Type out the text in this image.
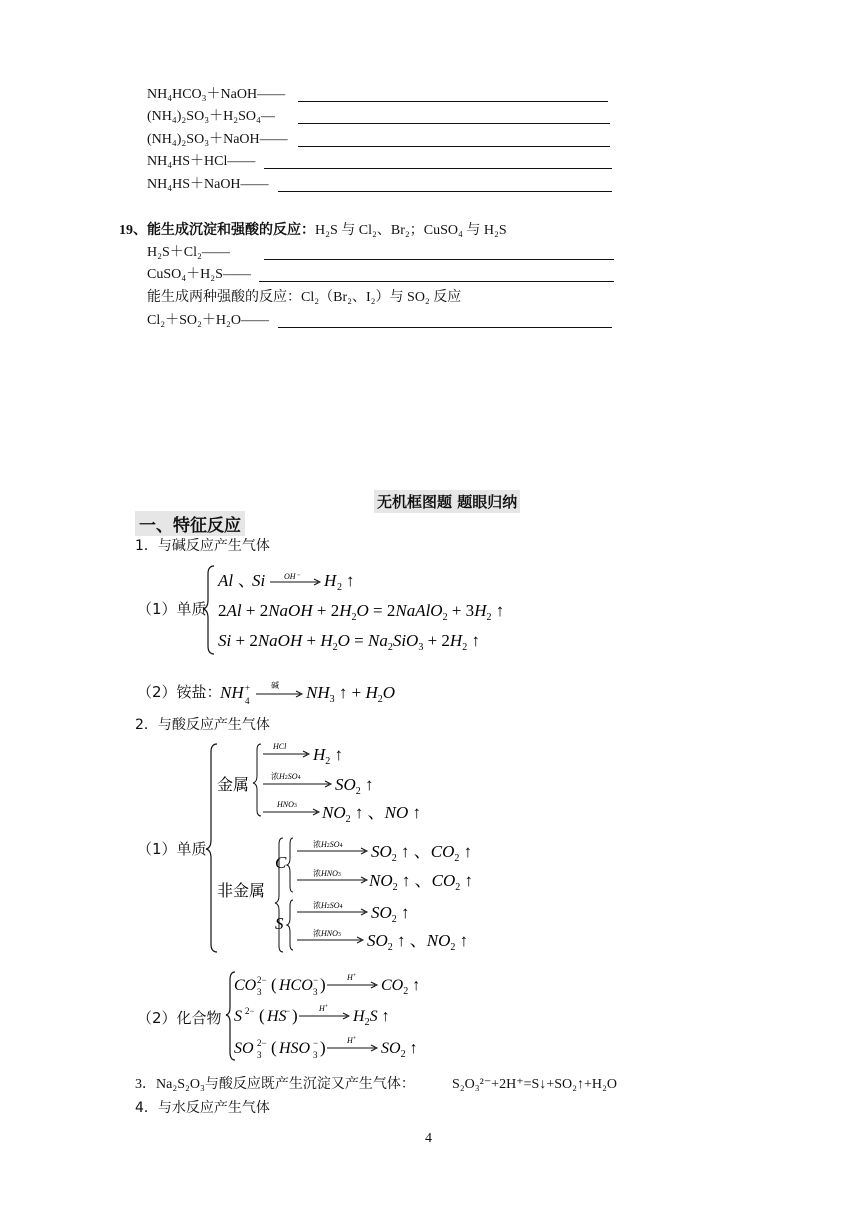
NH₄HCO₃＋NaOH——
(NH₄)₂SO₃＋H₂SO₄—
(NH₄)₂SO₃＋NaOH——
NH₄HS＋HCl——
NH₄HS＋NaOH——
19、能生成沉淀和强酸的反应：H₂S 与 Cl₂、Br₂；CuSO₄ 与 H₂S
H₂S＋Cl₂——
CuSO₄＋H₂S——
能生成两种强酸的反应：Cl₂（Br₂、I₂）与 SO₂ 反应
Cl₂＋SO₂＋H₂O——
无机框图题 题眼归纳
一、特征反应
1．与碱反应产生气体
（1）单质
Al 、
Si OH⁻ H 2 ↑
2Al + 2NaOH + $2H_2O$ = 2NaAlO$_2$ + $3H_2$ ↑
Si + 2NaOH + $H_2O = Na_2SiO_3 + 2H_2$ ↑
（2）铵盐：
NH +
4
碱 $NH_3$ ↑ + $H_2O$
2．与酸反应产生气体
（1）单质
金属
HCl $H_2$ ↑
浓H2SO4 $SO_2$ ↑
HNO3 $NO_2$ ↑ 、NO ↑
非金属
C
浓H2SO4 $SO_2$ ↑ 、$CO_2$ ↑
浓HNO3 $NO_2$ ↑ 、$CO_2$ ↑
S
浓H2SO4 $SO_2$ ↑
浓HNO3 $SO_2$ ↑ 、$NO_2$ ↑
（2）化合物
CO 2−
3 ( HCO −
3 )	H +
$CO_2$ ↑
S 2− ( HS
− )	H +
$H_2S$ ↑
SO 2−
3 ( HSO −
3 )	H +
$SO_2$ ↑
3．Na₂S₂O₃与酸反应既产生沉淀又产生气体：	S₂O₃²⁻+2H⁺=S↓+SO₂↑+H₂O
4．与水反应产生气体
4
